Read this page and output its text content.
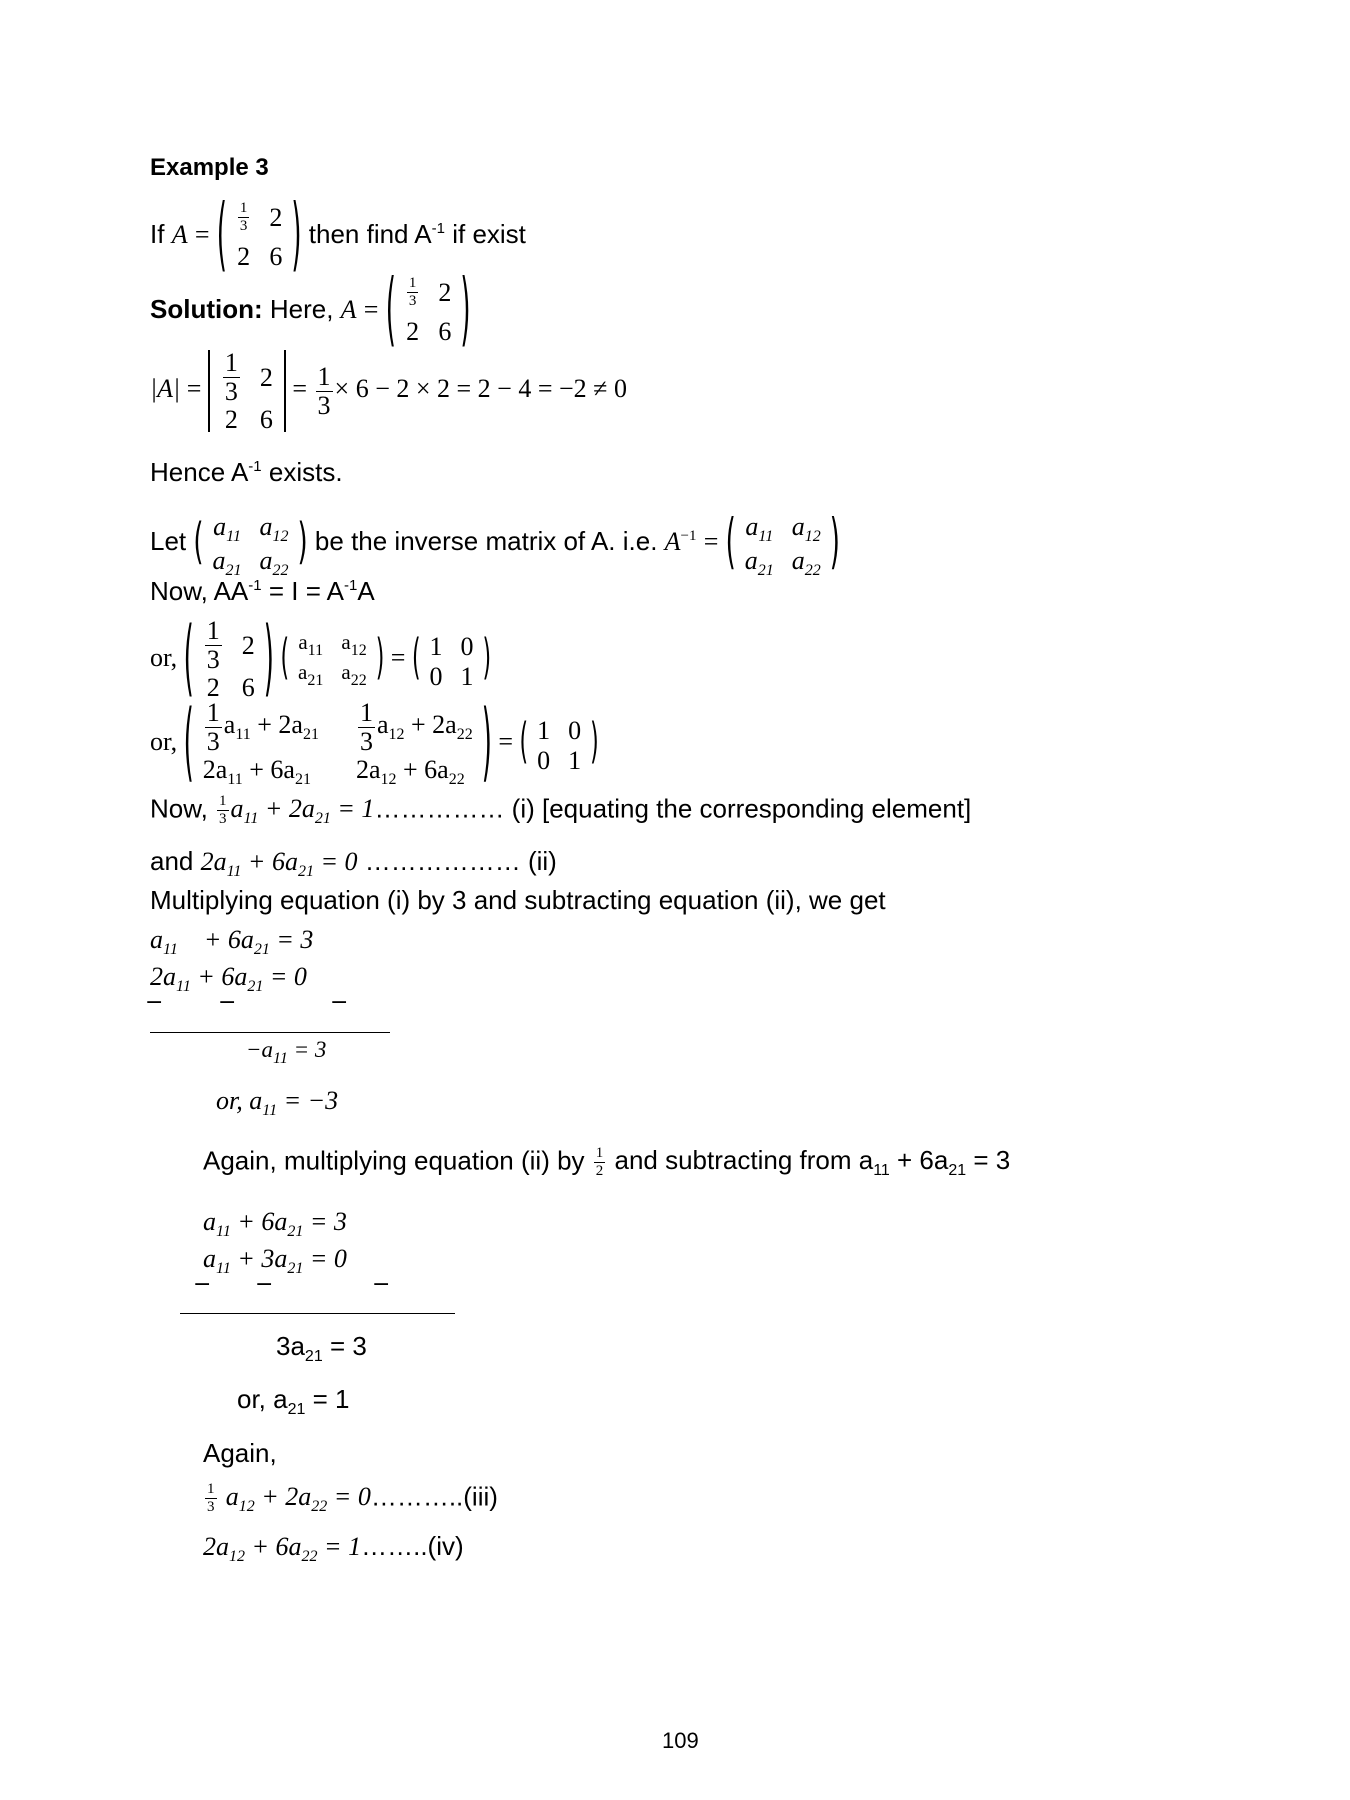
Example 3
If A = ( $\frac{1}{3}$	2
2	6 ) then find $A^{-1}$ if exist
Solution: Here, A = ( $\frac{1}{3}$	2
2	6 )
$|A| = \frac{1}{3}$	2
2	6
= $\frac{1}{3} \times 6 - 2 \times 2 = 2 - 4 = -2 \ne 0$
Hence $A^{-1}$ exists.
Let ( $a_{11}$	$a_{12}$
$a_{21}$	$a_{22}$ ) be the inverse matrix of A. i.e. $A^{-1}$ = ( $a_{11}$	$a_{12}$
$a_{21}$	$a_{22}$ )
Now, $AA^{-1} = I = A^{-1}A$
or, ( $\frac{1}{3}$	2
2	6 )
( $a_{11}$	$a_{12}$
$a_{21}$	$a_{22}$ ) = ( 1	0
0	1 )
or, ( $\frac{1}{3} a_{11} + 2a_{21}$	$\frac{1}{3} a_{12} + 2a_{22}$
$2a_{11} + 6a_{21}$	$2a_{12} + 6a_{22}$ ) = ( 1	0
0	1 )
Now, $\frac{1}{3} a_{11} + 2a_{21}$ = 1…………… (i) [equating the corresponding element]
and $2a_{11} + 6a_{21} = 0$ ……………… (ii)
Multiplying equation (i) by 3 and subtracting equation (ii), we get
$a_{11} + 6a_{21} = 3$
$2a_{11} + 6a_{21} = 0$
− −	−
$-a_{11} = 3$
or, $a_{11} = -3$
Again, multiplying equation (ii) by $\frac{1}{2}$ and subtracting from $a_{11} + 6a_{21} = 3$
$a_{11} + 6a_{21} = 3$
$a_{11} + 3a_{21} = 0$
− −	−
$3a_{21} = 3$
or, $a_{21} = 1$
Again,
$\frac{1}{3} a_{12} + 2a_{22}$ = 0………..(iii)
$2a_{12} + 6a_{22}$ = 1……..(iv)
109
